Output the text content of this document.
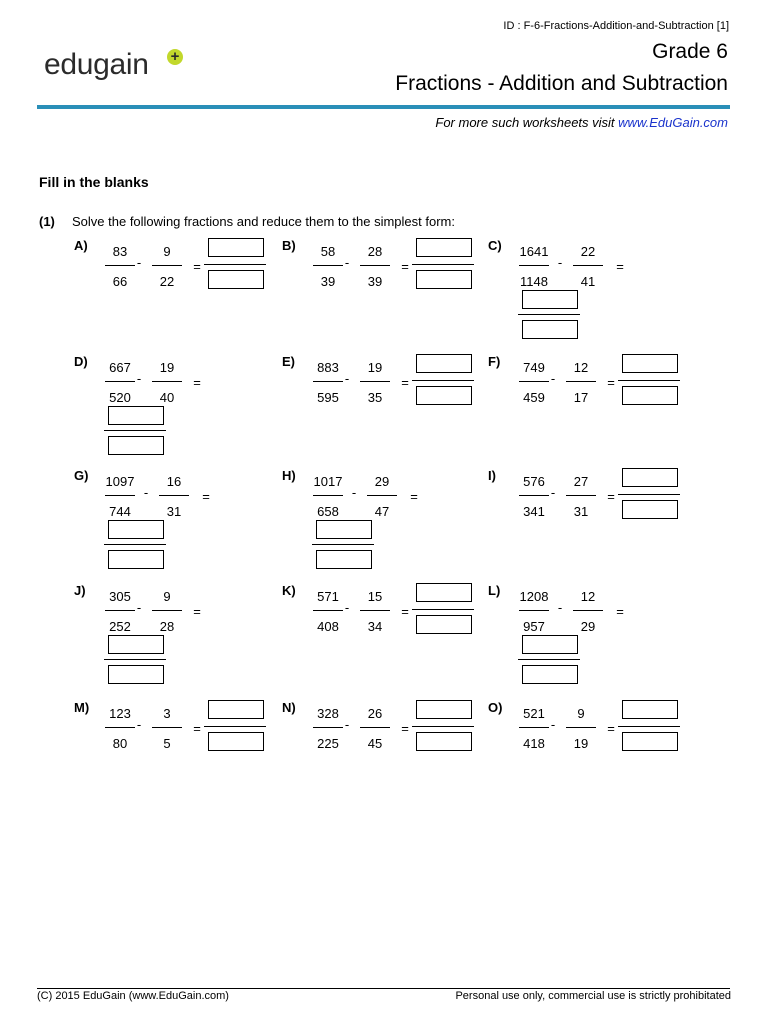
ID : F-6-Fractions-Addition-and-Subtraction [1]
edugain +	Grade 6
Fractions - Addition and Subtraction
For more such worksheets visit www.EduGain.com
Fill in the blanks
(1) Solve the following fractions and reduce them to the simplest form:
A)	83
66
-
9
22
=
B)	58
39
-
28
39
=
C) 1641
1148
-
22
41
=
D)	667
520
-
19
40
=
E)	883
595
-
19
35
=
F)	749
459
-
12
17
=
G) 1097
744
-
16
31
=
H) 1017
658
-
29
47
=
I)	576
341
-
27
31
=
J)	305
252
-
9
28
=
K)	571
408
-
15
34
=
L) 1208
957
-
12
29
=
M)	123
80
-
3
5
=
N)	328
225
-
26
45
=
O)	521
418
-
9
19
=
(C) 2015 EduGain (www.EduGain.com)	Personal use only, commercial use is strictly prohibitated
